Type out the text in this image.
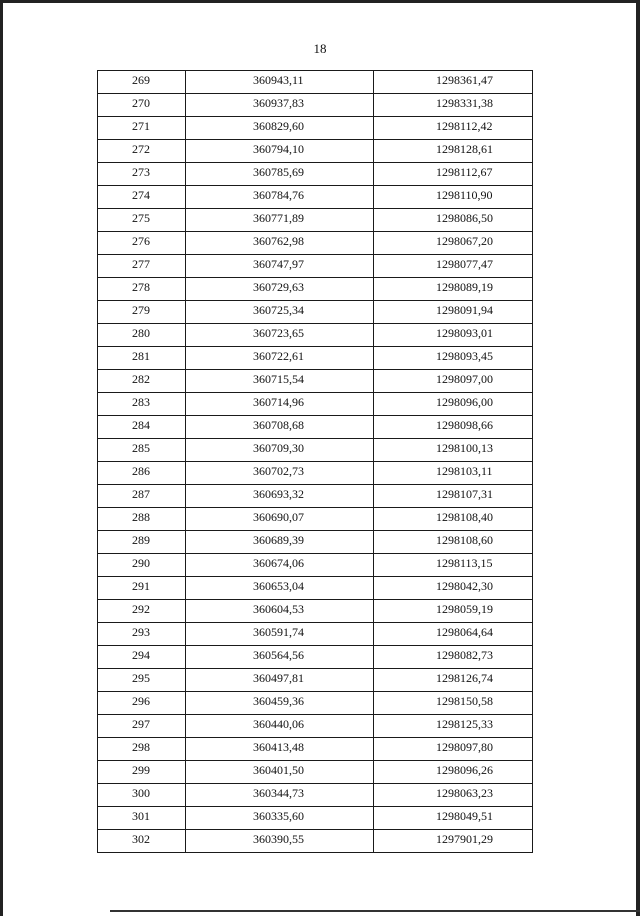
18
269	360943,11	1298361,47
270	360937,83	1298331,38
271	360829,60	1298112,42
272	360794,10	1298128,61
273	360785,69	1298112,67
274	360784,76	1298110,90
275	360771,89	1298086,50
276	360762,98	1298067,20
277	360747,97	1298077,47
278	360729,63	1298089,19
279	360725,34	1298091,94
280	360723,65	1298093,01
281	360722,61	1298093,45
282	360715,54	1298097,00
283	360714,96	1298096,00
284	360708,68	1298098,66
285	360709,30	1298100,13
286	360702,73	1298103,11
287	360693,32	1298107,31
288	360690,07	1298108,40
289	360689,39	1298108,60
290	360674,06	1298113,15
291	360653,04	1298042,30
292	360604,53	1298059,19
293	360591,74	1298064,64
294	360564,56	1298082,73
295	360497,81	1298126,74
296	360459,36	1298150,58
297	360440,06	1298125,33
298	360413,48	1298097,80
299	360401,50	1298096,26
300	360344,73	1298063,23
301	360335,60	1298049,51
302	360390,55	1297901,29
